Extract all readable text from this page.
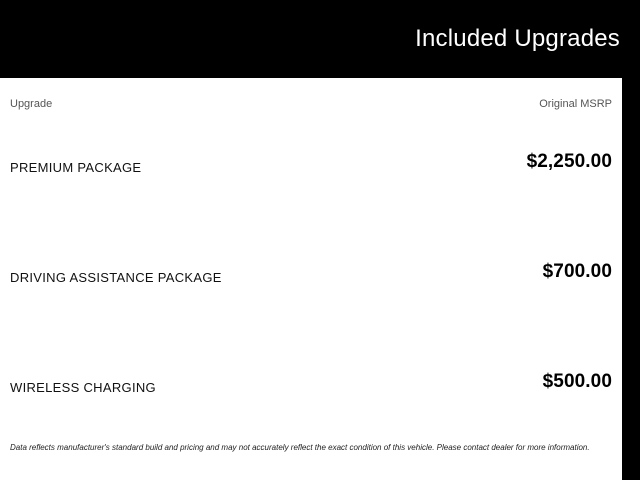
Included Upgrades
Upgrade	Original MSRP
PREMIUM PACKAGE	$2,250.00
DRIVING ASSISTANCE PACKAGE	$700.00
WIRELESS CHARGING	$500.00
Data reflects manufacturer's standard build and pricing and may not accurately reflect the exact condition of this vehicle. Please contact dealer for more information.
